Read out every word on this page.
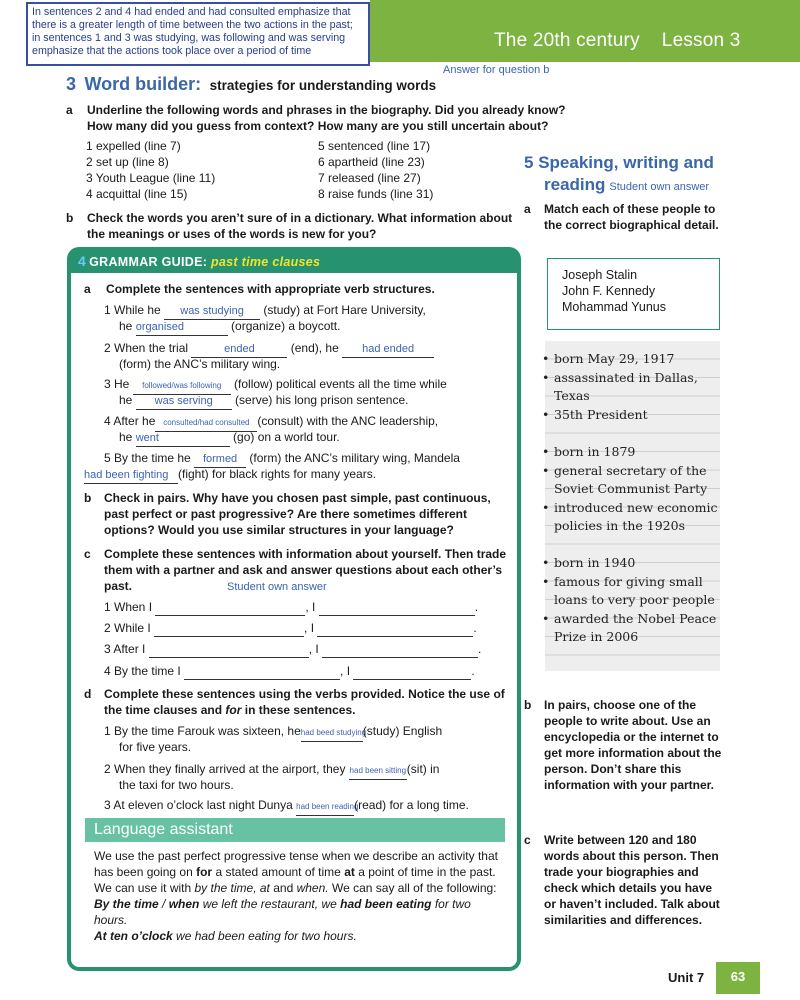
The 20th century Lesson 3
In sentences 2 and 4 had ended and had consulted emphasize that there is a greater length of time between the two actions in the past; in sentences 1 and 3 was studying, was following and was serving emphasize that the actions took place over a period of time
Answer for question b
3 Word builder: strategies for understanding words
a Underline the following words and phrases in the biography. Did you already know? How many did you guess from context? How many are you still uncertain about?
1 expelled (line 7)
2 set up (line 8)
3 Youth League (line 11)
4 acquittal (line 15)
5 sentenced (line 17)
6 apartheid (line 23)
7 released (line 27)
8 raise funds (line 31)
b Check the words you aren’t sure of in a dictionary. What information about the meanings or uses of the words is new for you?
4 GRAMMAR GUIDE: past time clauses
a Complete the sentences with appropriate verb structures.
1 While he was studying (study) at Fort Hare University,
he organised	(organize) a boycott.
2 When the trial	ended	(end), he had ended
(form) the ANC’s military wing.
3 He followed/was following (follow) political events all the time while
he was serving (serve) his long prison sentence.
4 After he consulted/had consulted (consult) with the ANC leadership,
he went	(go) on a world tour.
5 By the time he formed (form) the ANC’s military wing, Mandela
had been fighting (fight) for black rights for many years.
b Check in pairs. Why have you chosen past simple, past continuous, past perfect or past progressive? Are there sometimes different options? Would you use similar structures in your language?
c Complete these sentences with information about yourself. Then trade them with a partner and ask and answer questions about each other’s past.	Student own answer
1 When I	, I	.
2 While I	, I	.
3 After I	, I	.
4 By the time I	, I	.
d Complete these sentences using the verbs provided. Notice the use of the time clauses and for in these sentences.
1 By the time Farouk was sixteen, hehad beed studying(study) English
for five years.
2 When they finally arrived at the airport, they had been sitting(sit) in
the taxi for two hours.
3 At eleven o’clock last night Dunya had been reading(read) for a long time.
Language assistant
We use the past perfect progressive tense when we describe an activity that has been going on for a stated amount of time at a point of time in the past. We can use it with by the time, at and when. We can say all of the following:
By the time / when we left the restaurant, we had been eating for two hours.
At ten o’clock we had been eating for two hours.
5 Speaking, writing and
reading Student own answer
a Match each of these people to the correct biographical detail.
Joseph Stalin
John F. Kennedy
Mohammad Yunus
• born May 29, 1917
• assassinated in Dallas, Texas
• 35th President
• born in 1879
• general secretary of the Soviet Communist Party
• introduced new economic policies in the 1920s
• born in 1940
• famous for giving small loans to very poor people
• awarded the Nobel Peace Prize in 2006
b In pairs, choose one of the people to write about. Use an encyclopedia or the internet to get more information about the person. Don’t share this information with your partner.
c Write between 120 and 180 words about this person. Then trade your biographies and check which details you have or haven’t included. Talk about similarities and differences.
Unit 7	63
